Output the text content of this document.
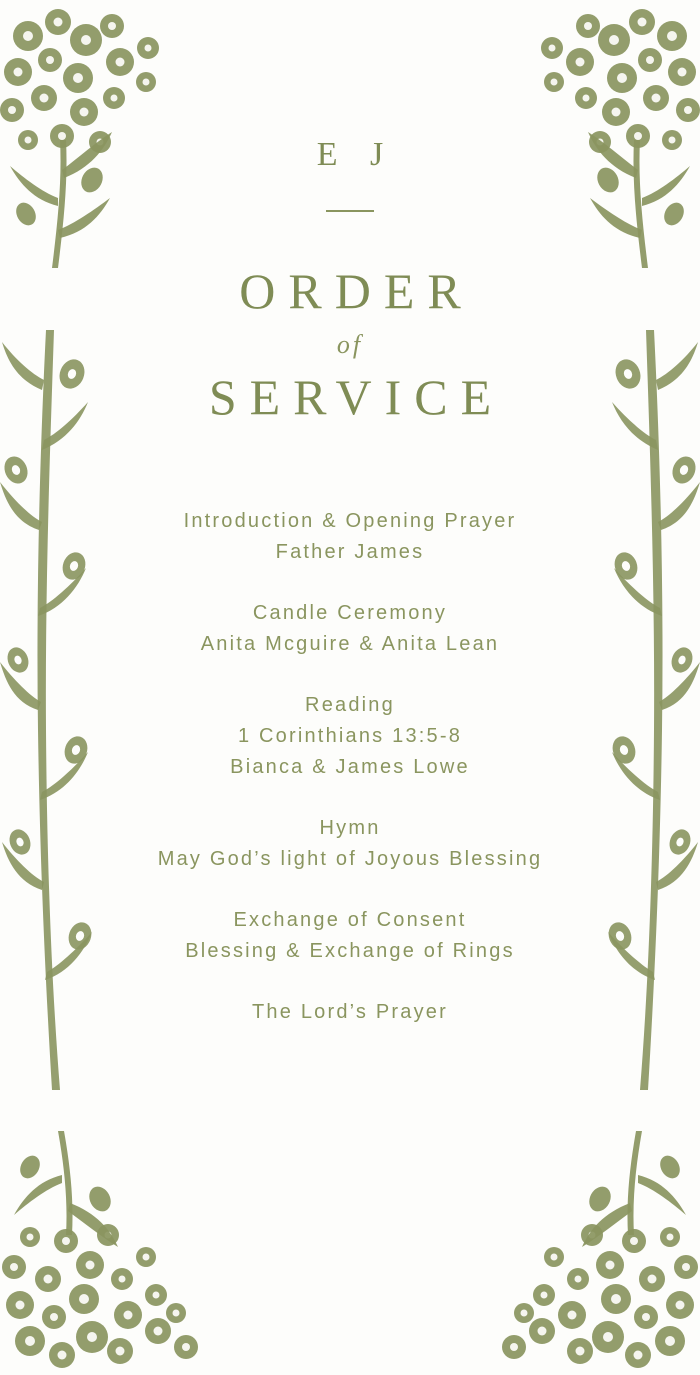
E J
ORDER
of
SERVICE
Introduction & Opening Prayer
Father James
Candle Ceremony
Anita Mcguire & Anita Lean
Reading
1 Corinthians 13:5-8
Bianca & James Lowe
Hymn
May God’s light of Joyous Blessing
Exchange of Consent
Blessing & Exchange of Rings
The Lord’s Prayer
